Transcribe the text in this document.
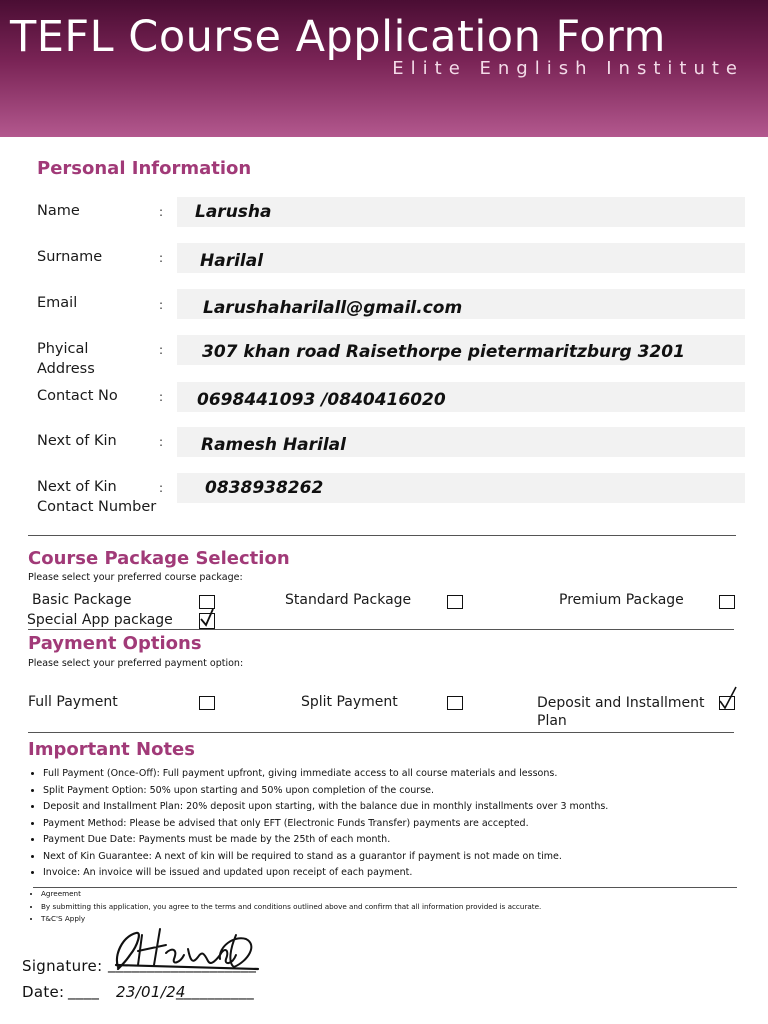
TEFL Course Application Form
Elite English Institute
Personal Information
Name	: Larusha
Surname	: Harilal
Email	: Larushaharilall@gmail.com
Phyical Address
: 307 khan road Raisethorpe pietermaritzburg 3201
Contact No	: 0698441093 /0840416020
Next of Kin	: Ramesh Harilal
Next of Kin Contact Number
: 0838938262
Course Package Selection
Please select your preferred course package:
Basic Package	Standard Package	Premium Package
Special App package
Payment Options
Please select your preferred payment option:
Full Payment	Split Payment	Deposit and Installment Plan
Important Notes
• Full Payment (Once-Off): Full payment upfront, giving immediate access to all course materials and lessons.
• Split Payment Option: 50% upon starting and 50% upon completion of the course.
• Deposit and Installment Plan: 20% deposit upon starting, with the balance due in monthly installments over 3 months.
• Payment Method: Please be advised that only EFT (Electronic Funds Transfer) payments are accepted.
• Payment Due Date: Payments must be made by the 25th of each month.
• Next of Kin Guarantee: A next of kin will be required to stand as a guarantor if payment is not made on time.
• Invoice: An invoice will be issued and updated upon receipt of each payment.
• Agreement
• By submitting this application, you agree to the terms and conditions outlined above and confirm that all information provided is accurate.
• T&C'S Apply
Signature: ___________________
Date: ____ 23/01/24
__________
